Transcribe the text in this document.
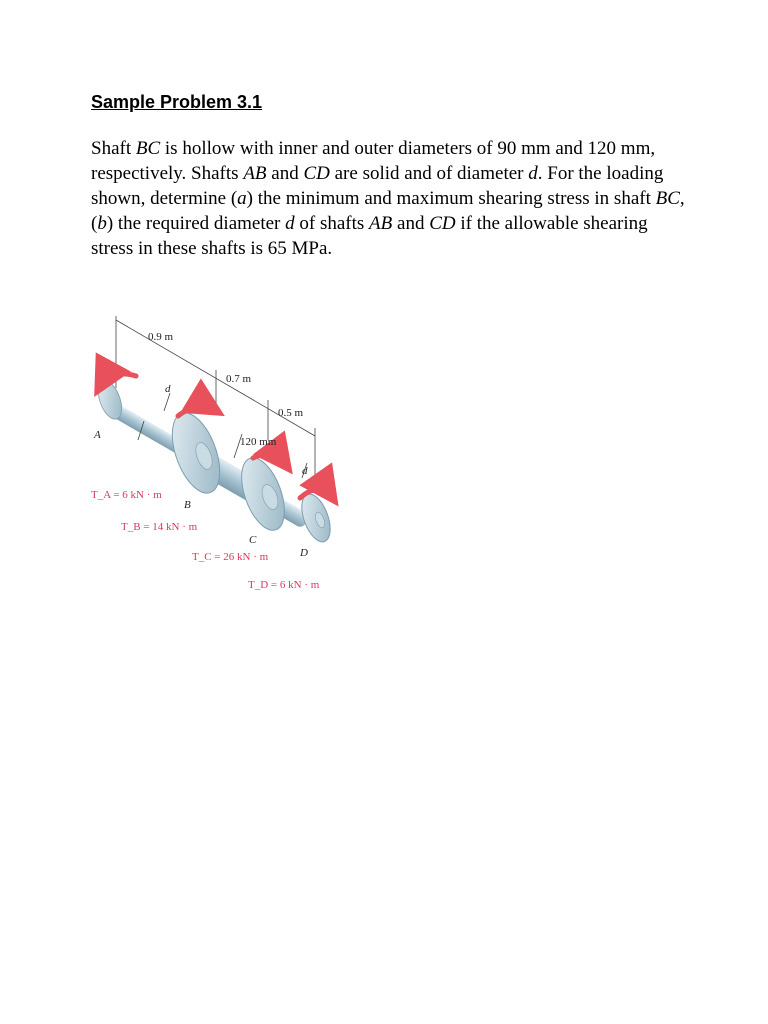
Sample Problem 3.1

Shaft BC is hollow with inner and outer diameters of 90 mm and 120 mm, respectively. Shafts AB and CD are solid and of diameter d. For the loading shown, determine (a) the minimum and maximum shearing stress in shaft BC, (b) the required diameter d of shafts AB and CD if the allowable shearing stress in these shafts is 65 MPa.

0.9 m
0.7 m
0.5 m
120 mm
d
d
A
B
C
D
T_A = 6 kN · m
T_B = 14 kN · m
T_C = 26 kN · m
T_D = 6 kN · m
